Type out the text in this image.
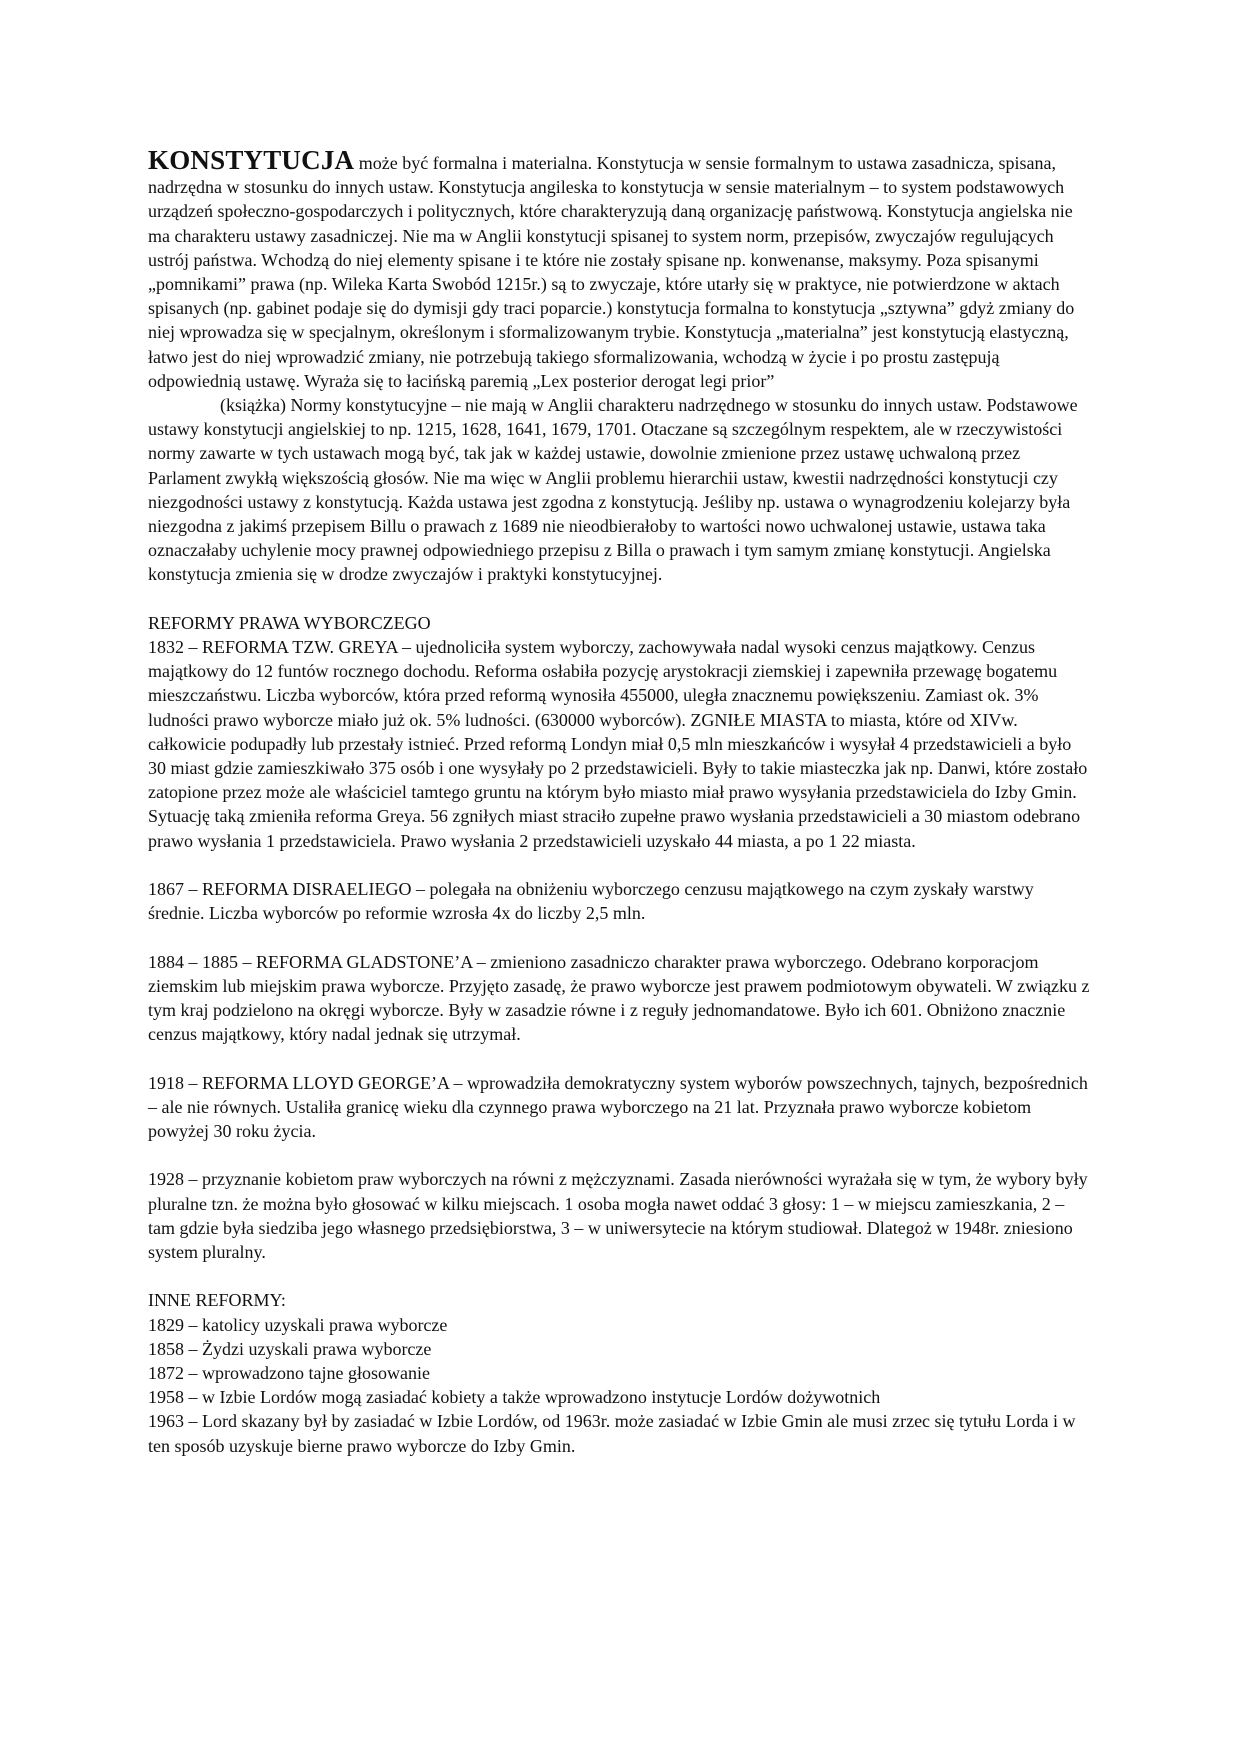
KONSTYTUCJA może być formalna i materialna. Konstytucja w sensie formalnym to ustawa zasadnicza, spisana, nadrzędna w stosunku do innych ustaw. Konstytucja angileska to konstytucja w sensie materialnym – to system podstawowych urządzeń społeczno-gospodarczych i politycznych, które charakteryzują daną organizację państwową. Konstytucja angielska nie ma charakteru ustawy zasadniczej. Nie ma w Anglii konstytucji spisanej to system norm, przepisów, zwyczajów regulujących ustrój państwa. Wchodzą do niej elementy spisane i te które nie zostały spisane np. konwenanse, maksymy. Poza spisanymi „pomnikami” prawa (np. Wileka Karta Swobód 1215r.) są to zwyczaje, które utarły się w praktyce, nie potwierdzone w aktach spisanych (np. gabinet podaje się do dymisji gdy traci poparcie.) konstytucja formalna to konstytucja „sztywna” gdyż zmiany do niej wprowadza się w specjalnym, określonym i sformalizowanym trybie. Konstytucja „materialna” jest konstytucją elastyczną, łatwo jest do niej wprowadzić zmiany, nie potrzebują takiego sformalizowania, wchodzą w życie i po prostu zastępują odpowiednią ustawę. Wyraża się to łacińską paremią „Lex posterior derogat legi prior”

(książka) Normy konstytucyjne – nie mają w Anglii charakteru nadrzędnego w stosunku do innych ustaw. Podstawowe ustawy konstytucji angielskiej to np. 1215, 1628, 1641, 1679, 1701. Otaczane są szczególnym respektem, ale w rzeczywistości normy zawarte w tych ustawach mogą być, tak jak w każdej ustawie, dowolnie zmienione przez ustawę uchwaloną przez Parlament zwykłą większością głosów. Nie ma więc w Anglii problemu hierarchii ustaw, kwestii nadrzędności konstytucji czy niezgodności ustawy z konstytucją. Każda ustawa jest zgodna z konstytucją. Jeśliby np. ustawa o wynagrodzeniu kolejarzy była niezgodna z jakimś przepisem Billu o prawach z 1689 nie nieodbierałoby to wartości nowo uchwalonej ustawie, ustawa taka oznaczałaby uchylenie mocy prawnej odpowiedniego przepisu z Billa o prawach i tym samym zmianę konstytucji. Angielska konstytucja zmienia się w drodze zwyczajów i praktyki konstytucyjnej.

REFORMY PRAWA WYBORCZEGO

1832 – REFORMA TZW. GREYA – ujednoliciła system wyborczy, zachowywała nadal wysoki cenzus majątkowy. Cenzus majątkowy do 12 funtów rocznego dochodu. Reforma osłabiła pozycję arystokracji ziemskiej i zapewniła przewagę bogatemu mieszczaństwu. Liczba wyborców, która przed reformą wynosiła 455000, uległa znacznemu powiększeniu. Zamiast ok. 3% ludności prawo wyborcze miało już ok. 5% ludności. (630000 wyborców). ZGNIŁE MIASTA to miasta, które od XIVw. całkowicie podupadły lub przestały istnieć. Przed reformą Londyn miał 0,5 mln mieszkańców i wysyłał 4 przedstawicieli a było 30 miast gdzie zamieszkiwało 375 osób i one wysyłały po 2 przedstawicieli. Były to takie miasteczka jak np. Danwi, które zostało zatopione przez może ale właściciel tamtego gruntu na którym było miasto miał prawo wysyłania przedstawiciela do Izby Gmin. Sytuację taką zmieniła reforma Greya. 56 zgniłych miast straciło zupełne prawo wysłania przedstawicieli a 30 miastom odebrano prawo wysłania 1 przedstawiciela. Prawo wysłania 2 przedstawicieli uzyskało 44 miasta, a po 1 22 miasta.

1867 – REFORMA DISRAELIEGO – polegała na obniżeniu wyborczego cenzusu majątkowego na czym zyskały warstwy średnie. Liczba wyborców po reformie wzrosła 4x do liczby 2,5 mln.

1884 – 1885 – REFORMA GLADSTONE’A – zmieniono zasadniczo charakter prawa wyborczego. Odebrano korporacjom ziemskim lub miejskim prawa wyborcze. Przyjęto zasadę, że prawo wyborcze jest prawem podmiotowym obywateli. W związku z tym kraj podzielono na okręgi wyborcze. Były w zasadzie równe i z reguły jednomandatowe. Było ich 601. Obniżono znacznie cenzus majątkowy, który nadal jednak się utrzymał.

1918 – REFORMA LLOYD GEORGE’A – wprowadziła demokratyczny system wyborów powszechnych, tajnych, bezpośrednich – ale nie równych. Ustaliła granicę wieku dla czynnego prawa wyborczego na 21 lat. Przyznała prawo wyborcze kobietom powyżej 30 roku życia.

1928 – przyznanie kobietom praw wyborczych na równi z mężczyznami. Zasada nierówności wyrażała się w tym, że wybory były pluralne tzn. że można było głosować w kilku miejscach. 1 osoba mogła nawet oddać 3 głosy: 1 – w miejscu zamieszkania, 2 – tam gdzie była siedziba jego własnego przedsiębiorstwa, 3 – w uniwersytecie na którym studiował. Dlategoż w 1948r. zniesiono system pluralny.

INNE REFORMY:

1829 – katolicy uzyskali prawa wyborcze
1858 – Żydzi uzyskali prawa wyborcze
1872 – wprowadzono tajne głosowanie
1958 – w Izbie Lordów mogą zasiadać kobiety a także wprowadzono instytucje Lordów dożywotnich
1963 – Lord skazany był by zasiadać w Izbie Lordów, od 1963r. może zasiadać w Izbie Gmin ale musi zrzec się tytułu Lorda i w ten sposób uzyskuje bierne prawo wyborcze do Izby Gmin.
